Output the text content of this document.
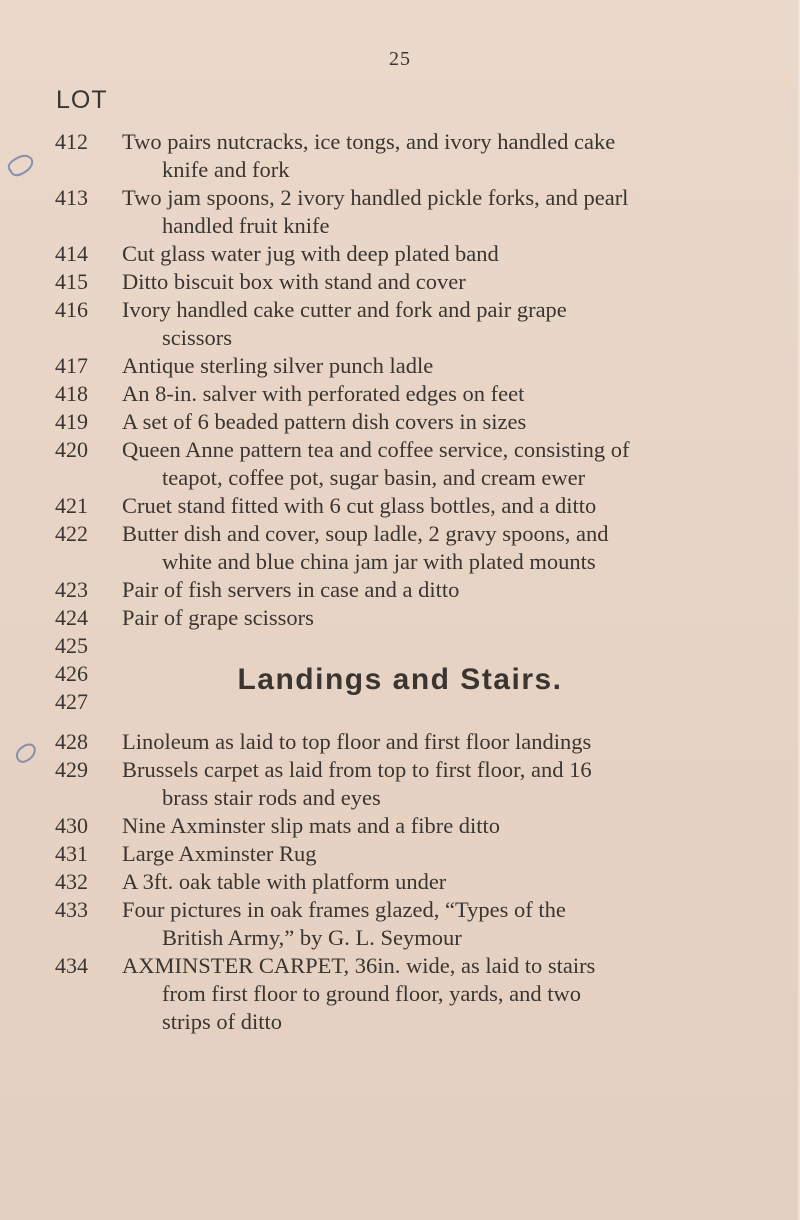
25
LOT
412	Two pairs nutcracks, ice tongs, and ivory handled cake
knife and fork
413	Two jam spoons, 2 ivory handled pickle forks, and pearl
handled fruit knife
414	Cut glass water jug with deep plated band
415	Ditto biscuit box with stand and cover
416	Ivory handled cake cutter and fork and pair grape
scissors
417	Antique sterling silver punch ladle
418	An 8-in. salver with perforated edges on feet
419	A set of 6 beaded pattern dish covers in sizes
420	Queen Anne pattern tea and coffee service, consisting of
teapot, coffee pot, sugar basin, and cream ewer
421	Cruet stand fitted with 6 cut glass bottles, and a ditto
422	Butter dish and cover, soup ladle, 2 gravy spoons, and
white and blue china jam jar with plated mounts
423	Pair of fish servers in case and a ditto
424	Pair of grape scissors
425

426

427

Landings and Stairs.
428	Linoleum as laid to top floor and first floor landings
429	Brussels carpet as laid from top to first floor, and 16
brass stair rods and eyes
430	Nine Axminster slip mats and a fibre ditto
431	Large Axminster Rug
432	A 3ft. oak table with platform under
433	Four pictures in oak frames glazed, “Types of the
British Army,” by G. L. Seymour
434	AXMINSTER CARPET, 36in. wide, as laid to stairs
from first floor to ground floor, yards, and two
strips of ditto
